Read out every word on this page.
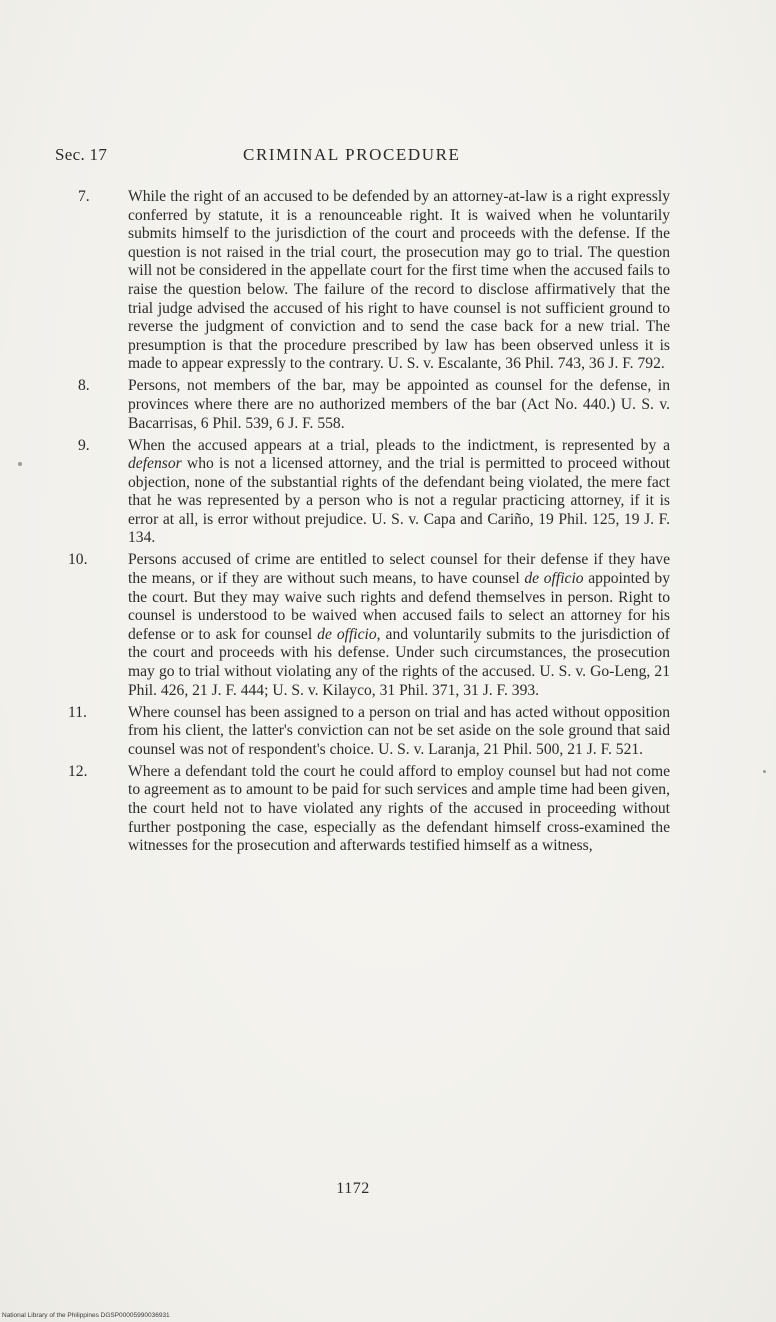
Sec. 17	CRIMINAL PROCEDURE
7. While the right of an accused to be defended by an attorney-at-law is a right expressly conferred by statute, it is a renounceable right. It is waived when he voluntarily submits himself to the jurisdiction of the court and proceeds with the defense. If the question is not raised in the trial court, the prosecution may go to trial. The question will not be considered in the appellate court for the first time when the accused fails to raise the question below. The failure of the record to disclose affirmatively that the trial judge advised the accused of his right to have counsel is not sufficient ground to reverse the judgment of conviction and to send the case back for a new trial. The presumption is that the procedure prescribed by law has been observed unless it is made to appear expressly to the contrary. U. S. v. Escalante, 36 Phil. 743, 36 J. F. 792.
8. Persons, not members of the bar, may be appointed as counsel for the defense, in provinces where there are no authorized members of the bar (Act No. 440.) U. S. v. Bacarrisas, 6 Phil. 539, 6 J. F. 558.
9. When the accused appears at a trial, pleads to the indictment, is represented by a defensor who is not a licensed attorney, and the trial is permitted to proceed without objection, none of the substantial rights of the defendant being violated, the mere fact that he was represented by a person who is not a regular practicing attorney, if it is error at all, is error without prejudice. U. S. v. Capa and Cariño, 19 Phil. 125, 19 J. F. 134.
10.	Persons accused of crime are entitled to select counsel for their defense if they have the means, or if they are without such means, to have counsel de officio appointed by the court. But they may waive such rights and defend themselves in person. Right to counsel is understood to be waived when accused fails to select an attorney for his defense or to ask for counsel de officio, and voluntarily submits to the jurisdiction of the court and proceeds with his defense. Under such circumstances, the prosecution may go to trial without violating any of the rights of the accused. U. S. v. Go-Leng, 21 Phil. 426, 21 J. F. 444; U. S. v. Kilayco, 31 Phil. 371, 31 J. F. 393.
11.	Where counsel has been assigned to a person on trial and has acted without opposition from his client, the latter's conviction can not be set aside on the sole ground that said counsel was not of respondent's choice. U. S. v. Laranja, 21 Phil. 500, 21 J. F. 521.
12.	Where a defendant told the court he could afford to employ counsel but had not come to agreement as to amount to be paid for such services and ample time had been given, the court held not to have violated any rights of the accused in proceeding without further postponing the case, especially as the defendant himself cross-examined the witnesses for the prosecution and afterwards testified himself as a witness,
1172
National Library of the Philippines DGSP00005990036931
